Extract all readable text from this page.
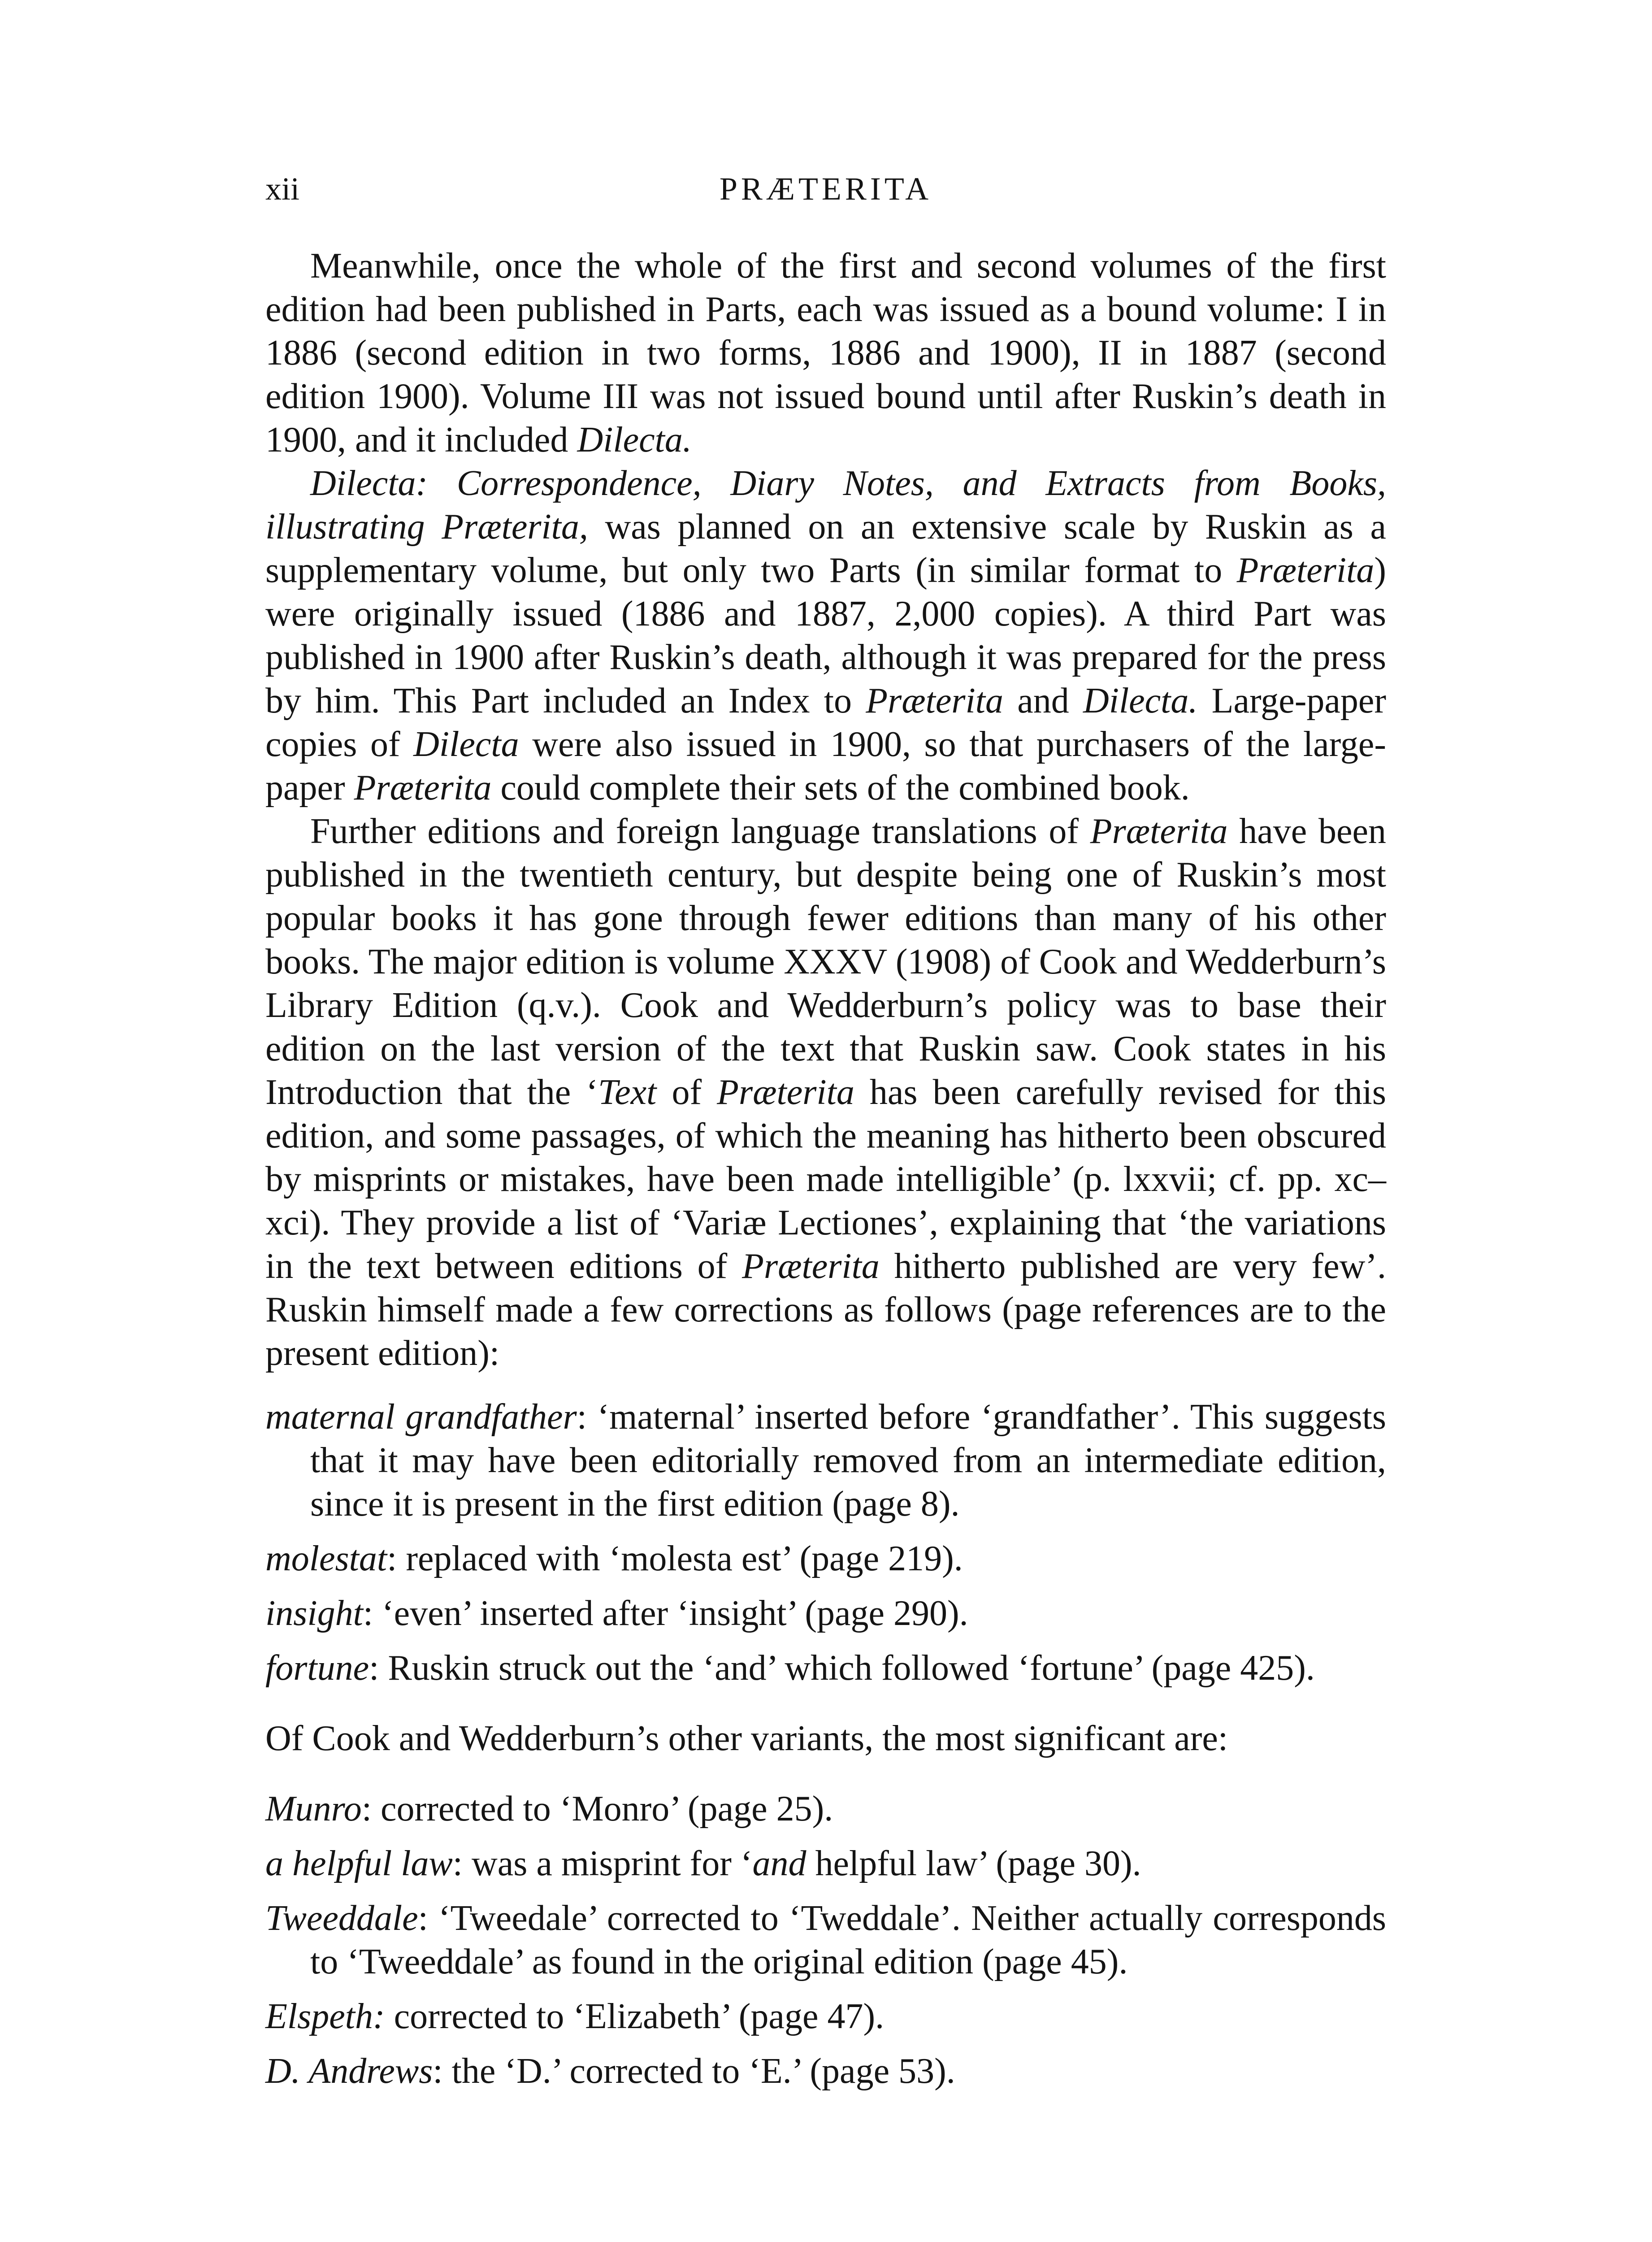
xii	PRÆTERITA

Meanwhile, once the whole of the first and second volumes of the first edition had been published in Parts, each was issued as a bound volume: I in 1886 (second edition in two forms, 1886 and 1900), II in 1887 (second edition 1900). Volume III was not issued bound until after Ruskin’s death in 1900, and it included Dilecta.

Dilecta: Correspondence, Diary Notes, and Extracts from Books, illustrating Præterita, was planned on an extensive scale by Ruskin as a supplementary volume, but only two Parts (in similar format to Præterita) were originally issued (1886 and 1887, 2,000 copies). A third Part was published in 1900 after Ruskin’s death, although it was prepared for the press by him. This Part included an Index to Præterita and Dilecta. Large-paper copies of Dilecta were also issued in 1900, so that purchasers of the large-paper Præterita could complete their sets of the combined book.

Further editions and foreign language translations of Præterita have been published in the twentieth century, but despite being one of Ruskin’s most popular books it has gone through fewer editions than many of his other books. The major edition is volume XXXV (1908) of Cook and Wedderburn’s Library Edition (q.v.). Cook and Wedderburn’s policy was to base their edition on the last version of the text that Ruskin saw. Cook states in his Introduction that the ‘Text of Præterita has been carefully revised for this edition, and some passages, of which the meaning has hitherto been obscured by misprints or mistakes, have been made intelligible’ (p. lxxvii; cf. pp. xc–xci). They provide a list of ‘Variæ Lectiones’, explaining that ‘the variations in the text between editions of Præterita hitherto published are very few’. Ruskin himself made a few corrections as follows (page references are to the present edition):

maternal grandfather: ‘maternal’ inserted before ‘grandfather’. This suggests that it may have been editorially removed from an intermediate edition, since it is present in the first edition (page 8).

molestat: replaced with ‘molesta est’ (page 219).

insight: ‘even’ inserted after ‘insight’ (page 290).

fortune: Ruskin struck out the ‘and’ which followed ‘fortune’ (page 425).

Of Cook and Wedderburn’s other variants, the most significant are:

Munro: corrected to ‘Monro’ (page 25).

a helpful law: was a misprint for ‘and helpful law’ (page 30).

Tweeddale: ‘Tweedale’ corrected to ‘Tweddale’. Neither actually corresponds to ‘Tweeddale’ as found in the original edition (page 45).

Elspeth: corrected to ‘Elizabeth’ (page 47).

D. Andrews: the ‘D.’ corrected to ‘E.’ (page 53).
